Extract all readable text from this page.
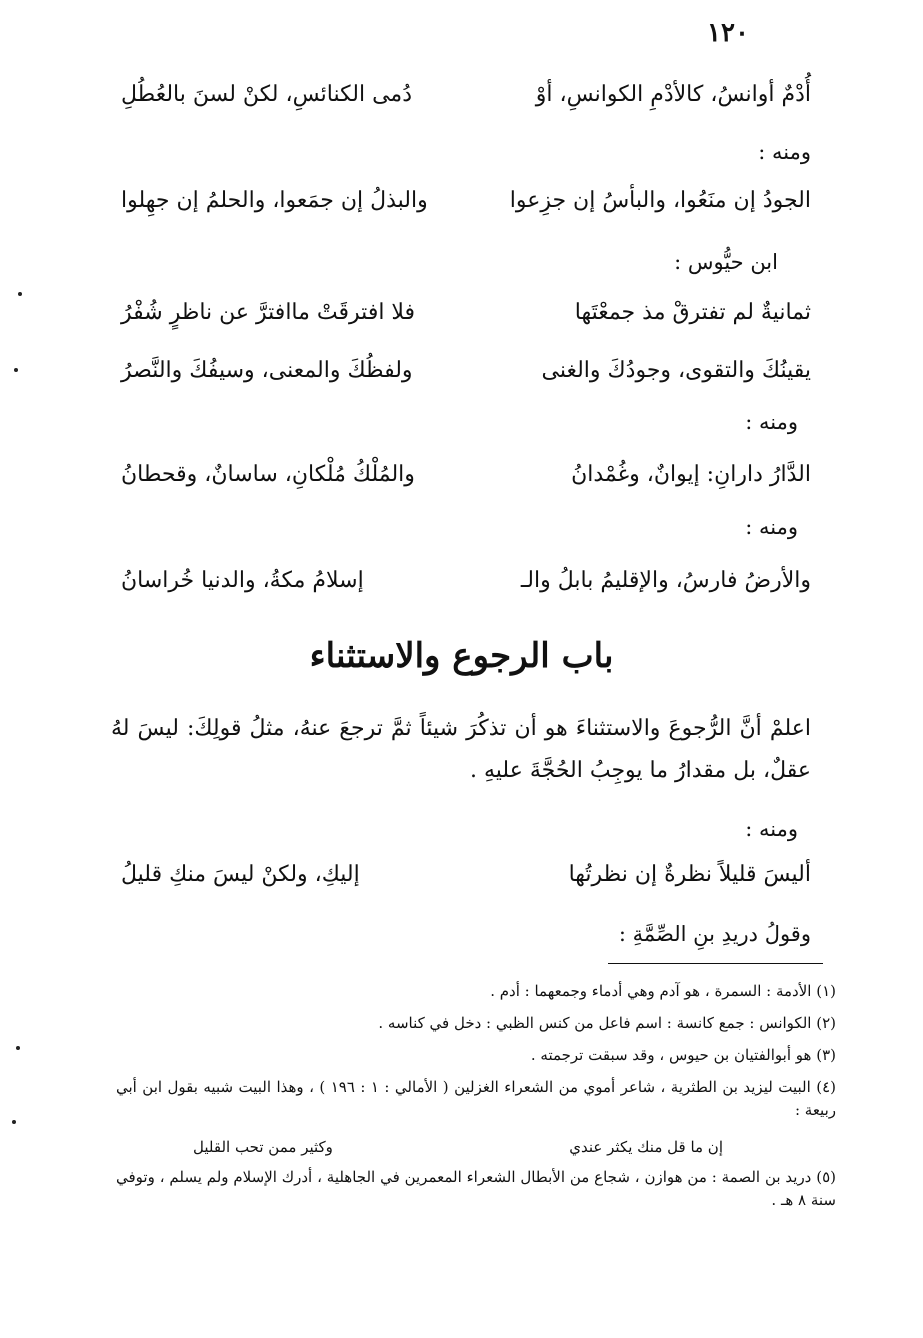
١٢٠
أُدْمٌ أوانسُ، كالأدْمِ الكوانسِ، أوْ
دُمى الكنائسِ، لكنْ لسنَ بالعُطُلِ
ومنه :
الجودُ إن منَعُوا، والبأسُ إن جزِعوا
والبذلُ إن جمَعوا، والحلمُ إن جهِلوا
ابن حيُّوس :
ثمانيةٌ لم تفترقْ مذ جمعْتَها
فلا افترقَتْ ماافترَّ عن ناظرٍ شُفْرُ
يقينُكَ والتقوى، وجودُكَ والغنى
ولفظُكَ والمعنى، وسيفُكَ والنَّصرُ
ومنه :
الدَّارُ دارانِ: إيوانٌ، وغُمْدانُ
والمُلْكُ مُلْكانِ، ساسانٌ، وقحطانُ
ومنه :
والأرضُ فارسُ، والإقليمُ بابلُ والـ
إسلامُ مكةُ، والدنيا خُراسانُ
باب الرجوع والاستثناء
اعلمْ أنَّ الرُّجوعَ والاستثناءَ هو أن تذكُرَ شيئاً ثمَّ ترجعَ عنهُ، مثلُ قولِكَ: ليسَ لهُ عقلٌ، بل مقدارُ ما يوجِبُ الحُجَّةَ عليهِ .
ومنه :
أليسَ قليلاً نظرةٌ إن نظرتُها
إليكِ، ولكنْ ليسَ منكِ قليلُ
وقولُ دريدِ بنِ الصِّمَّةِ :
(١) الأدمة : السمرة ، هو آدم وهي أدماء وجمعهما : أدم .
(٢) الكوانس : جمع كانسة : اسم فاعل من كنس الظبي : دخل في كناسه .
(٣) هو أبوالفتيان بن حيوس ، وقد سبقت ترجمته .
(٤) البيت ليزيد بن الطثرية ، شاعر أموي من الشعراء الغزلين ( الأمالي : ١ : ١٩٦ ) ، وهذا البيت شبيه بقول ابن أبي ربيعة :
إن ما قل منك يكثر عندي
وكثير ممن تحب القليل
(٥) دريد بن الصمة : من هوازن ، شجاع من الأبطال الشعراء المعمرين في الجاهلية ، أدرك الإسلام ولم يسلم ، وتوفي سنة ٨ هـ .
